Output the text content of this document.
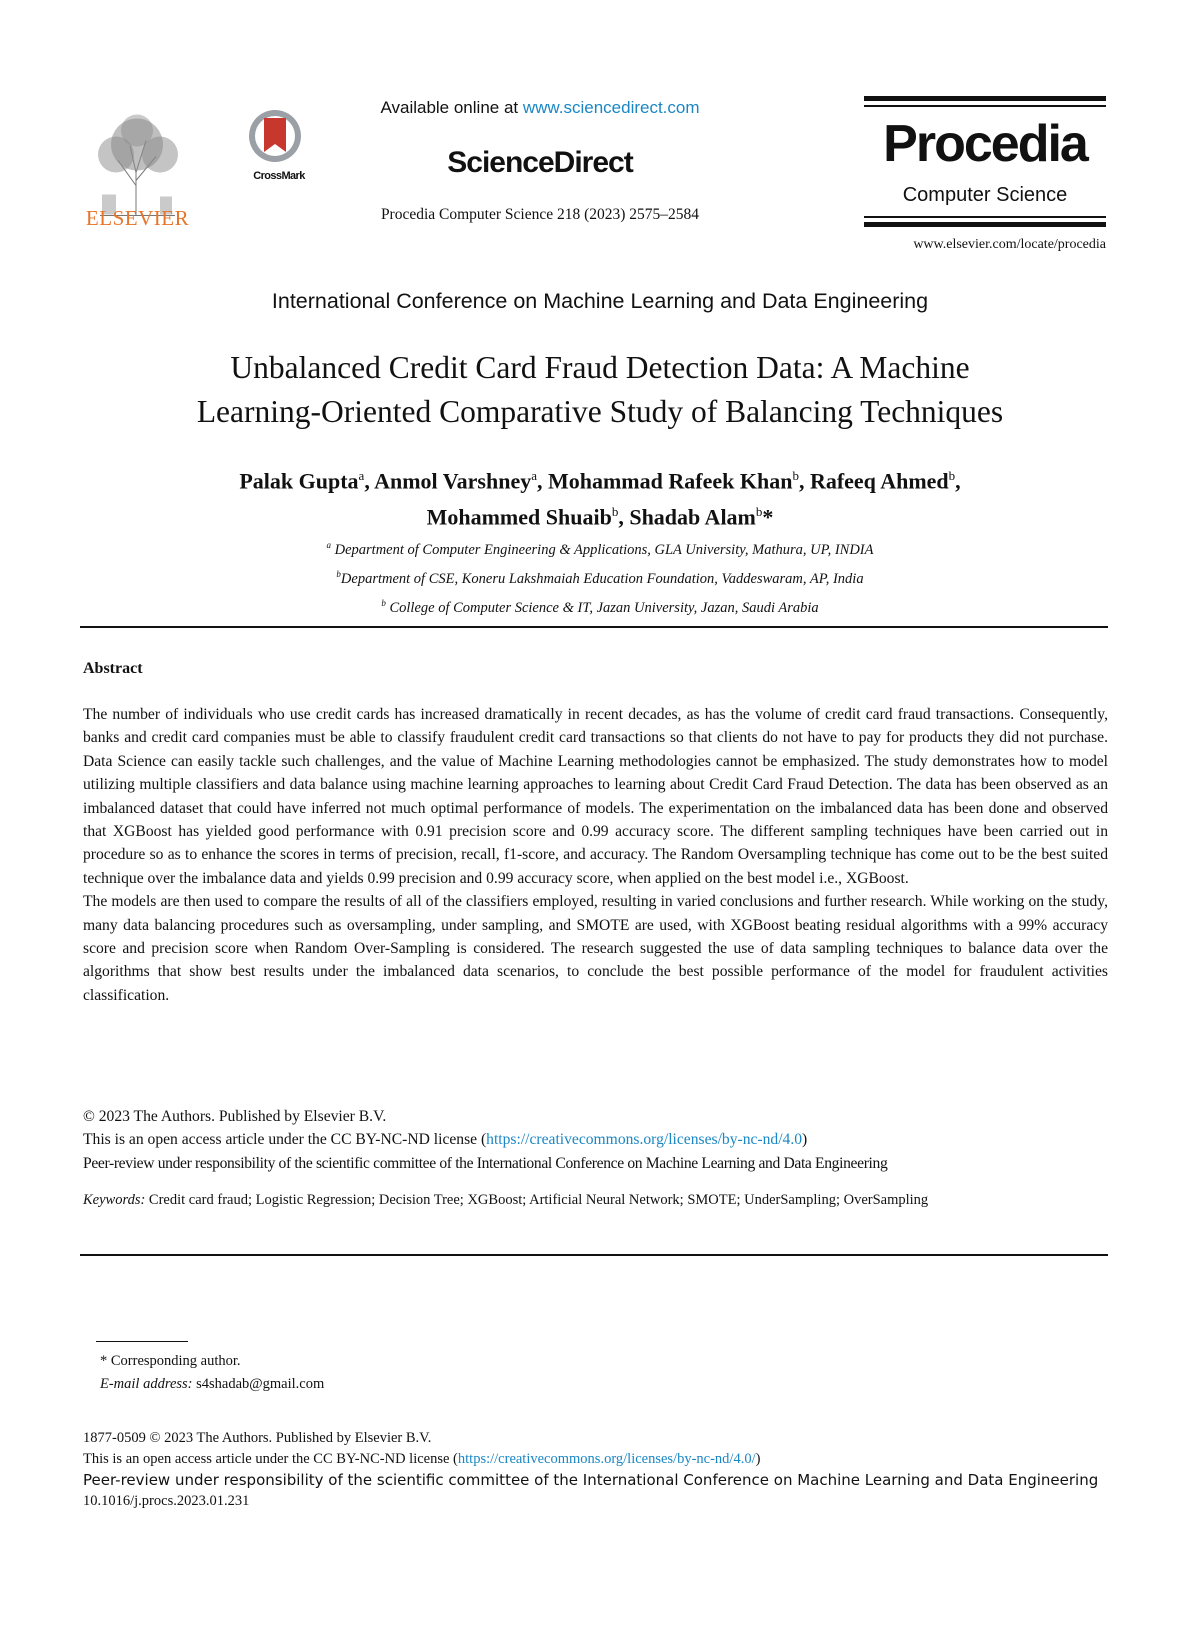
ELSEVIER
CrossMark
Available online at www.sciencedirect.com
ScienceDirect
Procedia Computer Science 218 (2023) 2575–2584
Procedia
Computer Science
www.elsevier.com/locate/procedia
International Conference on Machine Learning and Data Engineering
Unbalanced Credit Card Fraud Detection Data: A Machine
Learning-Oriented Comparative Study of Balancing Techniques
Palak Gupta$^a$, Anmol Varshney$^a$, Mohammad Rafeek Khan$^b$, Rafeeq Ahmed$^b$,
Mohammed Shuaib$^b$, Shadab Alam$^b$*
$^a$ Department of Computer Engineering & Applications, GLA University, Mathura, UP, INDIA
$^b$Department of CSE, Koneru Lakshmaiah Education Foundation, Vaddeswaram, AP, India
$^b$ College of Computer Science & IT, Jazan University, Jazan, Saudi Arabia
Abstract

The number of individuals who use credit cards has increased dramatically in recent decades, as has the volume of credit card fraud transactions. Consequently, banks and credit card companies must be able to classify fraudulent credit card transactions so that clients do not have to pay for products they did not purchase. Data Science can easily tackle such challenges, and the value of Machine Learning methodologies cannot be emphasized. The study demonstrates how to model utilizing multiple classifiers and data balance using machine learning approaches to learning about Credit Card Fraud Detection. The data has been observed as an imbalanced dataset that could have inferred not much optimal performance of models. The experimentation on the imbalanced data has been done and observed that XGBoost has yielded good performance with 0.91 precision score and 0.99 accuracy score. The different sampling techniques have been carried out in procedure so as to enhance the scores in terms of precision, recall, f1-score, and accuracy. The Random Oversampling technique has come out to be the best suited technique over the imbalance data and yields 0.99 precision and 0.99 accuracy score, when applied on the best model i.e., XGBoost.

The models are then used to compare the results of all of the classifiers employed, resulting in varied conclusions and further research. While working on the study, many data balancing procedures such as oversampling, under sampling, and SMOTE are used, with XGBoost beating residual algorithms with a 99% accuracy score and precision score when Random Over-Sampling is considered. The research suggested the use of data sampling techniques to balance data over the algorithms that show best results under the imbalanced data scenarios, to conclude the best possible performance of the model for fraudulent activities classification.

© 2023 The Authors. Published by Elsevier B.V.
This is an open access article under the CC BY-NC-ND license (https://creativecommons.org/licenses/by-nc-nd/4.0)
Peer-review under responsibility of the scientific committee of the International Conference on Machine Learning and Data Engineering
Keywords: Credit card fraud; Logistic Regression; Decision Tree; XGBoost; Artificial Neural Network; SMOTE; UnderSampling; OverSampling
* Corresponding author.
E-mail address: s4shadab@gmail.com
1877-0509 © 2023 The Authors. Published by Elsevier B.V.
This is an open access article under the CC BY-NC-ND license (https://creativecommons.org/licenses/by-nc-nd/4.0/)
Peer-review under responsibility of the scientific committee of the International Conference on Machine Learning and Data Engineering
10.1016/j.procs.2023.01.231
